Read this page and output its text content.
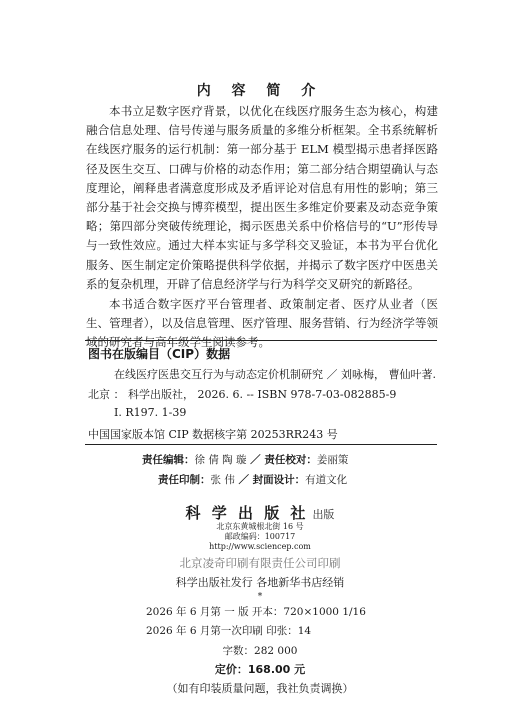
内 容 简 介

本书立足数字医疗背景，以优化在线医疗服务生态为核心，构建融合信息处理、信号传递与服务质量的多维分析框架。全书系统解析在线医疗服务的运行机制：第一部分基于 ELM 模型揭示患者择医路径及医生交互、口碑与价格的动态作用；第二部分结合期望确认与态度理论，阐释患者满意度形成及矛盾评论对信息有用性的影响；第三部分基于社会交换与博弈模型，提出医生多维定价要素及动态竞争策略；第四部分突破传统理论，揭示医患关系中价格信号的“U”形传导与一致性效应。通过大样本实证与多学科交叉验证，本书为平台优化服务、医生制定定价策略提供科学依据，并揭示了数字医疗中医患关系的复杂机理，开辟了信息经济学与行为科学交叉研究的新路径。

本书适合数字医疗平台管理者、政策制定者、医疗从业者（医生、管理者），以及信息管理、医疗管理、服务营销、行为经济学等领域的研究者与高年级学生阅读参考。

图书在版编目（CIP）数据
在线医疗医患交互行为与动态定价机制研究 ／ 刘咏梅， 曹仙叶著.
北京 ： 科学出版社， 2026. 6. -- ISBN 978-7-03-082885-9
Ⅰ. R197. 1-39
中国国家版本馆 CIP 数据核字第 20253RR243 号
责任编辑：徐 倩 陶 璇 ／ 责任校对：姜丽策
责任印制：张 伟 ／ 封面设计：有道文化
科 学 出 版 社 出版
北京东黄城根北街 16 号
邮政编码：100717
http://www.sciencep.com
北京凌奇印刷有限责任公司印刷
科学出版社发行 各地新华书店经销
*
2026 年 6 月第 一 版 开本：720×1000 1/16
2026 年 6 月第一次印刷 印张：14
字数：282 000
定价：168.00 元
（如有印装质量问题，我社负责调换）
